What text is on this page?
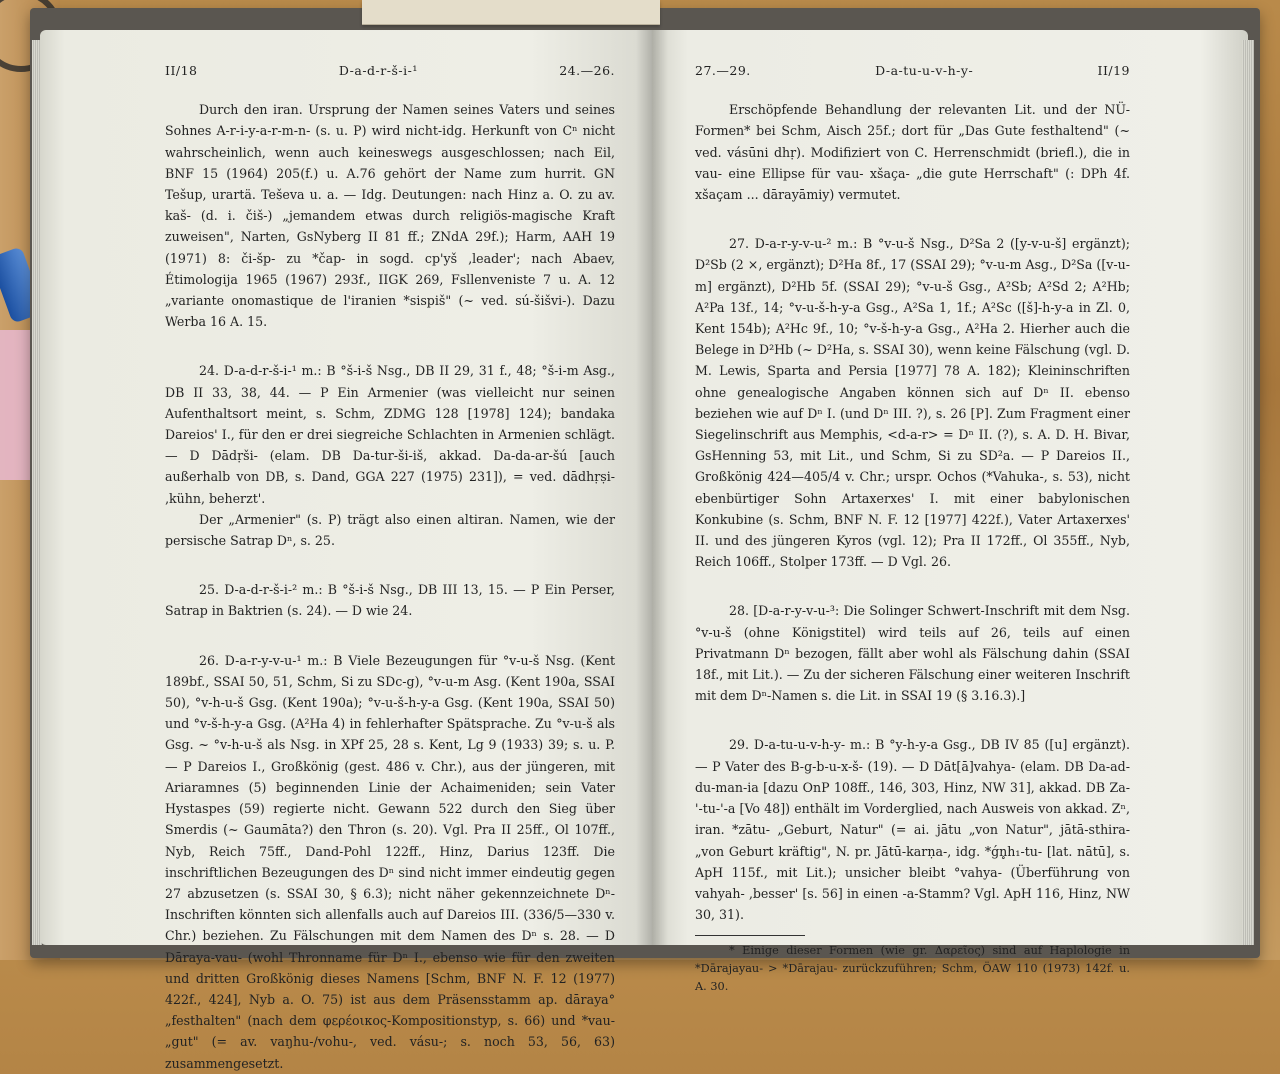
II/18	D-a-d-r-š-i-¹	24.—26.

Durch den iran. Ursprung der Namen seines Vaters und seines Sohnes A-r-i-y-a-r-m-n- (s. u. P) wird nicht-idg. Herkunft von Cⁿ nicht wahrscheinlich, wenn auch keineswegs ausgeschlossen; nach Eil, BNF 15 (1964) 205(f.) u. A.76 gehört der Name zum hurrit. GN Tešup, urartä. Teševa u. a. — Idg. Deutungen: nach Hinz a. O. zu av. kaš- (d. i. čiš-) „jemandem etwas durch religiös-magische Kraft zuweisen", Narten, GsNyberg II 81 ff.; ZNdA 29f.); Harm, AAH 19 (1971) 8: či-šp- zu *čap- in sogd. cp'yš ‚leader'; nach Abaev, Étimologija 1965 (1967) 293f., IIGK 269, Fsllenveniste 7 u. A. 12 „variante onomastique de l'iranien *sispiš" (~ ved. sú-šišvi-). Dazu Werba 16 A. 15.

24. D-a-d-r-š-i-¹ m.: B °š-i-š Nsg., DB II 29, 31 f., 48; °š-i-m Asg., DB II 33, 38, 44. — P Ein Armenier (was vielleicht nur seinen Aufenthaltsort meint, s. Schm, ZDMG 128 [1978] 124); bandaka Dareios' I., für den er drei siegreiche Schlachten in Armenien schlägt. — D Dādṛši- (elam. DB Da-tur-ši-iš, akkad. Da-da-ar-šú [auch außerhalb von DB, s. Dand, GGA 227 (1975) 231]), = ved. dādhṛṣi- ‚kühn, beherzt'.

Der „Armenier" (s. P) trägt also einen altiran. Namen, wie der persische Satrap Dⁿ, s. 25.

25. D-a-d-r-š-i-² m.: B °š-i-š Nsg., DB III 13, 15. — P Ein Perser, Satrap in Baktrien (s. 24). — D wie 24.

26. D-a-r-y-v-u-¹ m.: B Viele Bezeugungen für °v-u-š Nsg. (Kent 189bf., SSAI 50, 51, Schm, Si zu SDc-g), °v-u-m Asg. (Kent 190a, SSAI 50), °v-h-u-š Gsg. (Kent 190a); °v-u-š-h-y-a Gsg. (Kent 190a, SSAI 50) und °v-š-h-y-a Gsg. (A²Ha 4) in fehlerhafter Spätsprache. Zu °v-u-š als Gsg. ~ °v-h-u-š als Nsg. in XPf 25, 28 s. Kent, Lg 9 (1933) 39; s. u. P. — P Dareios I., Großkönig (gest. 486 v. Chr.), aus der jüngeren, mit Ariaramnes (5) beginnenden Linie der Achaimeniden; sein Vater Hystaspes (59) regierte nicht. Gewann 522 durch den Sieg über Smerdis (~ Gaumāta?) den Thron (s. 20). Vgl. Pra II 25ff., Ol 107ff., Nyb, Reich 75ff., Dand-Pohl 122ff., Hinz, Darius 123ff. Die inschriftlichen Bezeugungen des Dⁿ sind nicht immer eindeutig gegen 27 abzusetzen (s. SSAI 30, § 6.3); nicht näher gekennzeichnete Dⁿ-Inschriften könnten sich allenfalls auch auf Dareios III. (336/5—330 v. Chr.) beziehen. Zu Fälschungen mit dem Namen des Dⁿ s. 28. — D Dāraya-vau- (wohl Thronname für Dⁿ I., ebenso wie für den zweiten und dritten Großkönig dieses Namens [Schm, BNF N. F. 12 (1977) 422f., 424], Nyb a. O. 75) ist aus dem Präsensstamm ap. dāraya° „festhalten" (nach dem φερέοικος-Kompositionstyp, s. 66) und *vau- „gut" (= av. vaŋhu-/vohu-, ved. vásu-; s. noch 53, 56, 63) zusammengesetzt.

27.—29.	D-a-tu-u-v-h-y-	II/19

Erschöpfende Behandlung der relevanten Lit. und der NÜ-Formen* bei Schm, Aisch 25f.; dort für „Das Gute festhaltend" (~ ved. vásūni dhṛ). Modifiziert von C. Herrenschmidt (briefl.), die in vau- eine Ellipse für vau- xšaça- „die gute Herrschaft" (: DPh 4f. xšaçam ... dārayāmiy) vermutet.

27. D-a-r-y-v-u-² m.: B °v-u-š Nsg., D²Sa 2 ([y-v-u-š] ergänzt); D²Sb (2 ×, ergänzt); D²Ha 8f., 17 (SSAI 29); °v-u-m Asg., D²Sa ([v-u-m] ergänzt), D²Hb 5f. (SSAI 29); °v-u-š Gsg., A²Sb; A²Sd 2; A²Hb; A²Pa 13f., 14; °v-u-š-h-y-a Gsg., A²Sa 1, 1f.; A²Sc ([š]-h-y-a in Zl. 0, Kent 154b); A²Hc 9f., 10; °v-š-h-y-a Gsg., A²Ha 2. Hierher auch die Belege in D²Hb (~ D²Ha, s. SSAI 30), wenn keine Fälschung (vgl. D. M. Lewis, Sparta and Persia [1977] 78 A. 182); Kleininschriften ohne genealogische Angaben können sich auf Dⁿ II. ebenso beziehen wie auf Dⁿ I. (und Dⁿ III. ?), s. 26 [P]. Zum Fragment einer Siegelinschrift aus Memphis, <d-a-r> = Dⁿ II. (?), s. A. D. H. Bivar, GsHenning 53, mit Lit., und Schm, Si zu SD²a. — P Dareios II., Großkönig 424—405/4 v. Chr.; urspr. Ochos (*Vahuka-, s. 53), nicht ebenbürtiger Sohn Artaxerxes' I. mit einer babylonischen Konkubine (s. Schm, BNF N. F. 12 [1977] 422f.), Vater Artaxerxes' II. und des jüngeren Kyros (vgl. 12); Pra II 172ff., Ol 355ff., Nyb, Reich 106ff., Stolper 173ff. — D Vgl. 26.

28. [D-a-r-y-v-u-³: Die Solinger Schwert-Inschrift mit dem Nsg. °v-u-š (ohne Königstitel) wird teils auf 26, teils auf einen Privatmann Dⁿ bezogen, fällt aber wohl als Fälschung dahin (SSAI 18f., mit Lit.). — Zu der sicheren Fälschung einer weiteren Inschrift mit dem Dⁿ-Namen s. die Lit. in SSAI 19 (§ 3.16.3).]

29. D-a-tu-u-v-h-y- m.: B °y-h-y-a Gsg., DB IV 85 ([u] ergänzt). — P Vater des B-g-b-u-x-š- (19). — D Dāt[ā]vahya- (elam. DB Da-ad-du-man-ia [dazu OnP 108ff., 146, 303, Hinz, NW 31], akkad. DB Za-'-tu-'-a [Vo 48]) enthält im Vorderglied, nach Ausweis von akkad. Zⁿ, iran. *zātu- „Geburt, Natur" (= ai. jātu „von Natur", jātā-sthira- „von Geburt kräftig", N. pr. Jātū-karṇa-, idg. *ǵn̥h₁-tu- [lat. nātū], s. ApH 115f., mit Lit.); unsicher bleibt °vahya- (Überführung von vahyah- ‚besser' [s. 56] in einen -a-Stamm? Vgl. ApH 116, Hinz, NW 30, 31).

* Einige dieser Formen (wie gr. Δαρεῖος) sind auf Haplologie in *Dārajayau- > *Dārajau- zurückzuführen; Schm, ÖAW 110 (1973) 142f. u. A. 30.
